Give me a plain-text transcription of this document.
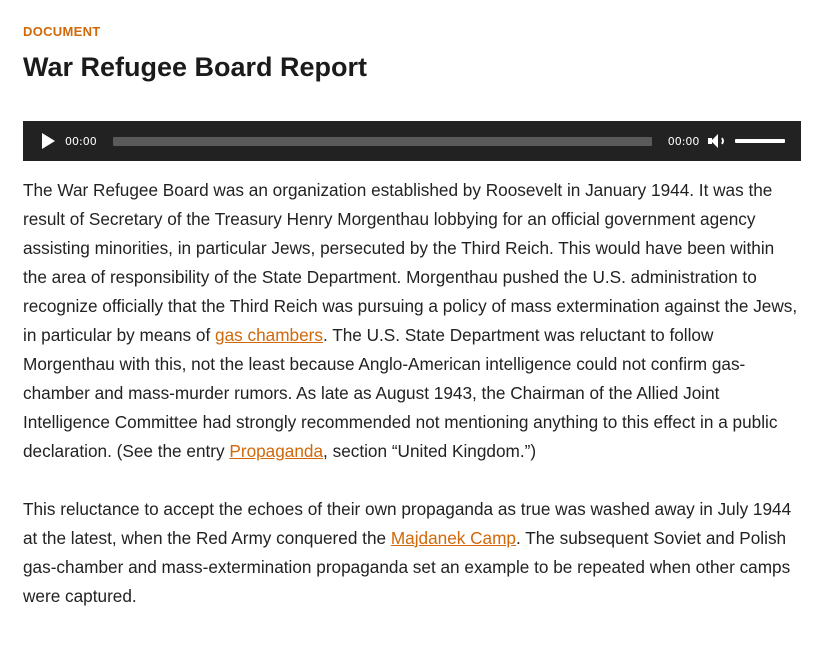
DOCUMENT
War Refugee Board Report
00:00	00:00

The War Refugee Board was an organization established by Roosevelt in January 1944. It was the result of Secretary of the Treasury Henry Morgenthau lobbying for an official government agency assisting minorities, in particular Jews, persecuted by the Third Reich. This would have been within the area of responsibility of the State Department. Morgenthau pushed the U.S. administration to recognize officially that the Third Reich was pursuing a policy of mass extermination against the Jews, in particular by means of gas chambers. The U.S. State Department was reluctant to follow Morgenthau with this, not the least because Anglo-American intelligence could not confirm gas-chamber and mass-murder rumors. As late as August 1943, the Chairman of the Allied Joint Intelligence Committee had strongly recommended not mentioning anything to this effect in a public declaration. (See the entry Propaganda, section “United Kingdom.”)

This reluctance to accept the echoes of their own propaganda as true was washed away in July 1944 at the latest, when the Red Army conquered the Majdanek Camp. The subsequent Soviet and Polish gas-chamber and mass-extermination propaganda set an example to be repeated when other camps were captured.
